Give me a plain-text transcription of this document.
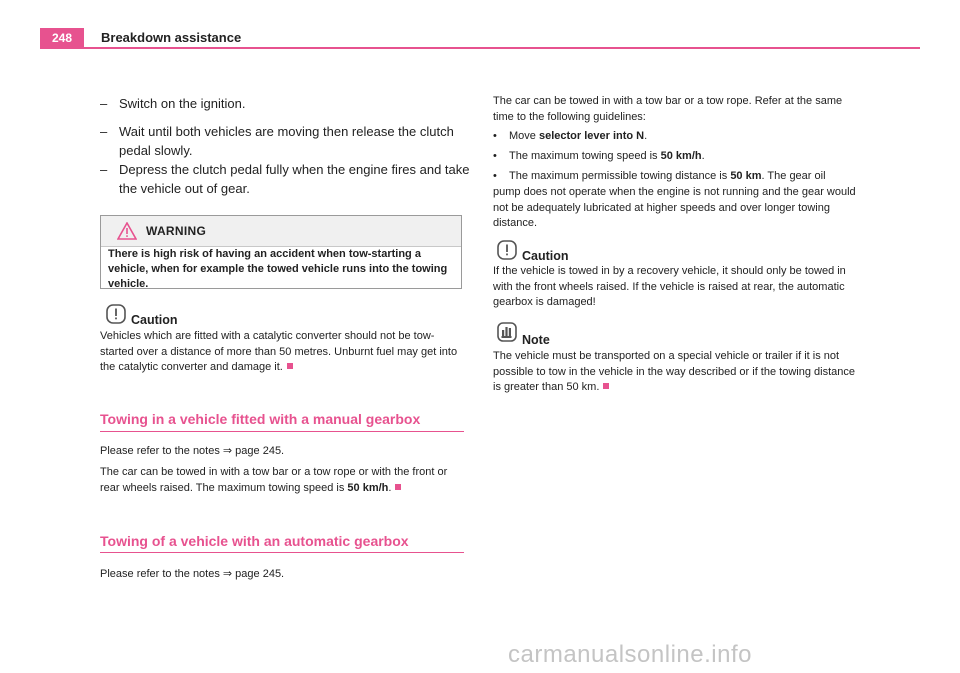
248	Breakdown assistance
– Switch on the ignition.
– Wait until both vehicles are moving then release the clutch
pedal slowly.
– Depress the clutch pedal fully when the engine fires and take
the vehicle out of gear.
WARNING
There is high risk of having an accident when tow-starting a
vehicle, when for example the towed vehicle runs into the towing
vehicle.
Caution
Vehicles which are fitted with a catalytic converter should not be tow-
started over a distance of more than 50 metres. Unburnt fuel may get into
the catalytic converter and damage it.
Towing in a vehicle fitted with a manual gearbox
Please refer to the notes ⇒ page 245.
The car can be towed in with a tow bar or a tow rope or with the front or
rear wheels raised. The maximum towing speed is 50 km/h.
Towing of a vehicle with an automatic gearbox
Please refer to the notes ⇒ page 245.
The car can be towed in with a tow bar or a tow rope. Refer at the same
time to the following guidelines:
• Move selector lever into N.
• The maximum towing speed is 50 km/h.
• The maximum permissible towing distance is 50 km. The gear oil
pump does not operate when the engine is not running and the gear would
not be adequately lubricated at higher speeds and over longer towing
distance.
Caution
If the vehicle is towed in by a recovery vehicle, it should only be towed in
with the front wheels raised. If the vehicle is raised at rear, the automatic
gearbox is damaged!
Note
The vehicle must be transported on a special vehicle or trailer if it is not
possible to tow in the vehicle in the way described or if the towing distance
is greater than 50 km.
carmanualsonline.info
